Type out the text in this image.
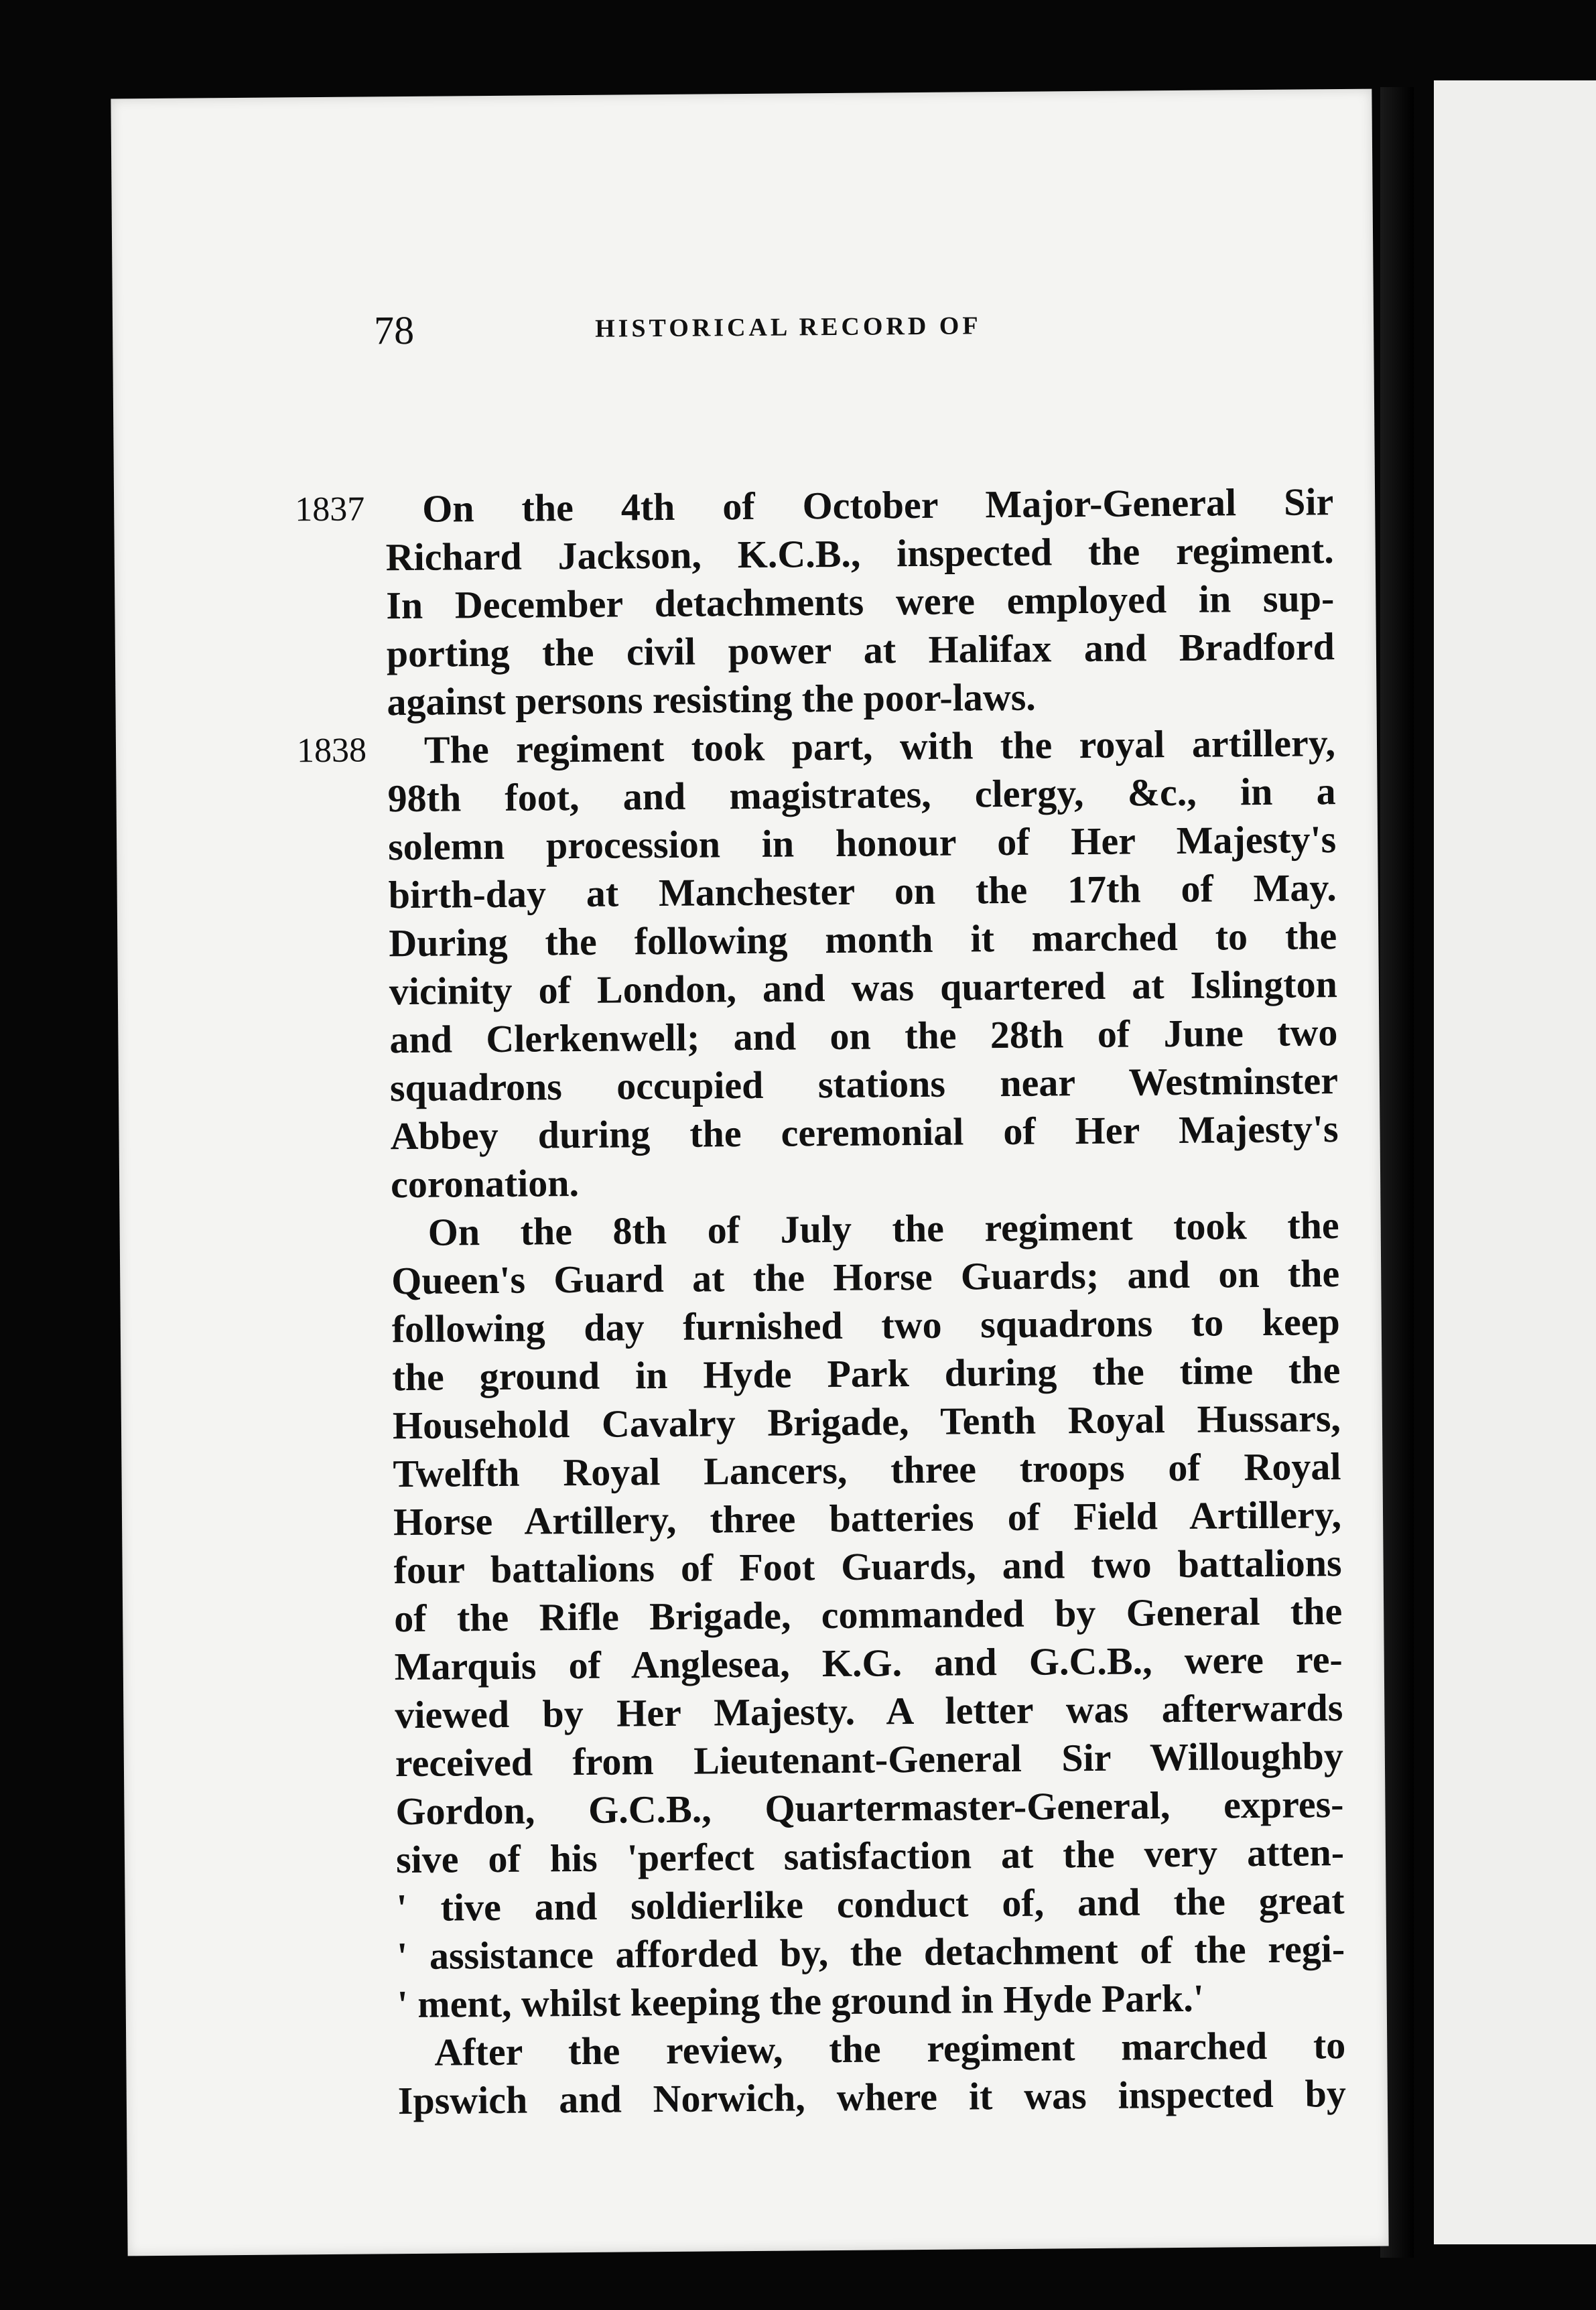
78	HISTORICAL RECORD OF
1837
1838
On the 4th of October Major-General Sir
Richard Jackson, K.C.B., inspected the regiment.
In December detachments were employed in sup-
porting the civil power at Halifax and Bradford
against persons resisting the poor-laws.
The regiment took part, with the royal artillery,
98th foot, and magistrates, clergy, &c., in a
solemn procession in honour of Her Majesty's
birth-day at Manchester on the 17th of May.
During the following month it marched to the
vicinity of London, and was quartered at Islington
and Clerkenwell; and on the 28th of June two
squadrons occupied stations near Westminster
Abbey during the ceremonial of Her Majesty's
coronation.
On the 8th of July the regiment took the
Queen's Guard at the Horse Guards; and on the
following day furnished two squadrons to keep
the ground in Hyde Park during the time the
Household Cavalry Brigade, Tenth Royal Hussars,
Twelfth Royal Lancers, three troops of Royal
Horse Artillery, three batteries of Field Artillery,
four battalions of Foot Guards, and two battalions
of the Rifle Brigade, commanded by General the
Marquis of Anglesea, K.G. and G.C.B., were re-
viewed by Her Majesty. A letter was afterwards
received from Lieutenant-General Sir Willoughby
Gordon, G.C.B., Quartermaster-General, expres-
sive of his 'perfect satisfaction at the very atten-
' tive and soldierlike conduct of, and the great
' assistance afforded by, the detachment of the regi-
' ment, whilst keeping the ground in Hyde Park.'
After the review, the regiment marched to
Ipswich and Norwich, where it was inspected by
